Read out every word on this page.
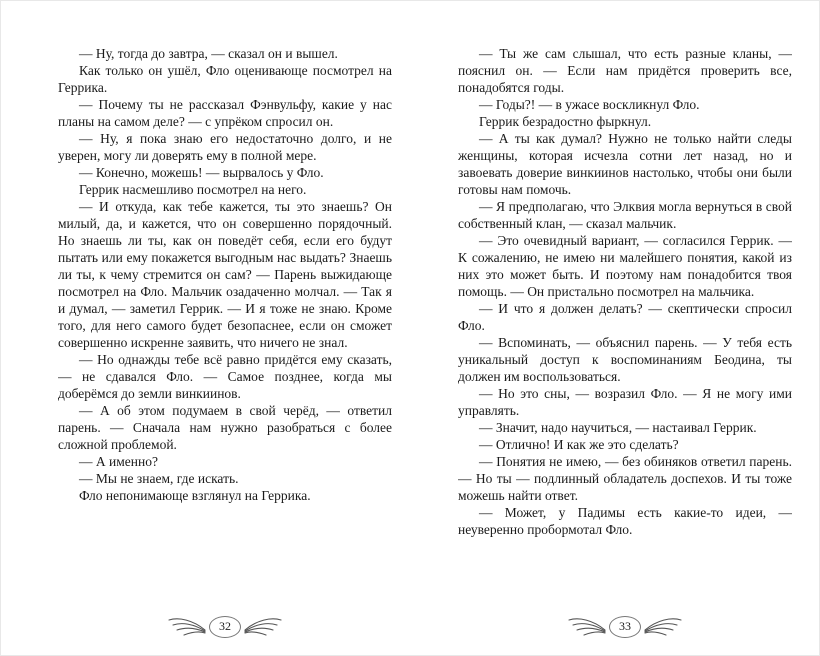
— Ну, тогда до завтра, — сказал он и вышел.

Как только он ушёл, Фло оценивающе посмотрел на Геррика.

— Почему ты не рассказал Фэнвульфу, какие у нас планы на самом деле? — с упрёком спросил он.

— Ну, я пока знаю его недостаточно долго, и не уверен, могу ли доверять ему в полной мере.

— Конечно, можешь! — вырвалось у Фло.

Геррик насмешливо посмотрел на него.

— И откуда, как тебе кажется, ты это знаешь? Он милый, да, и кажется, что он совершенно порядочный. Но знаешь ли ты, как он поведёт себя, если его будут пытать или ему покажется выгодным нас выдать? Знаешь ли ты, к чему стремится он сам? — Парень выжидающе посмотрел на Фло. Мальчик озадаченно молчал. — Так я и думал, — заметил Геррик. — И я тоже не знаю. Кроме того, для него самого будет безопаснее, если он сможет совершенно искренне заявить, что ничего не знал.

— Но однажды тебе всё равно придётся ему сказать, — не сдавался Фло. — Самое позднее, когда мы доберёмся до земли винкиинов.

— А об этом подумаем в свой черёд, — ответил парень. — Сначала нам нужно разобраться с более сложной проблемой.

— А именно?

— Мы не знаем, где искать.

Фло непонимающе взглянул на Геррика.

32

— Ты же сам слышал, что есть разные кланы, — пояснил он. — Если нам придётся проверить все, понадобятся годы.

— Годы?! — в ужасе воскликнул Фло.

Геррик безрадостно фыркнул.

— А ты как думал? Нужно не только найти следы женщины, которая исчезла сотни лет назад, но и завоевать доверие винкиинов настолько, чтобы они были готовы нам помочь.

— Я предполагаю, что Элквия могла вернуться в свой собственный клан, — сказал мальчик.

— Это очевидный вариант, — согласился Геррик. — К сожалению, не имею ни малейшего понятия, какой из них это может быть. И поэтому нам понадобится твоя помощь. — Он пристально посмотрел на мальчика.

— И что я должен делать? — скептически спросил Фло.

— Вспоминать, — объяснил парень. — У тебя есть уникальный доступ к воспоминаниям Беодина, ты должен им воспользоваться.

— Но это сны, — возразил Фло. — Я не могу ими управлять.

— Значит, надо научиться, — настаивал Геррик.

— Отлично! И как же это сделать?

— Понятия не имею, — без обиняков ответил парень. — Но ты — подлинный обладатель доспехов. И ты тоже можешь найти ответ.

— Может, у Падимы есть какие-то идеи, — неуверенно пробормотал Фло.

33
